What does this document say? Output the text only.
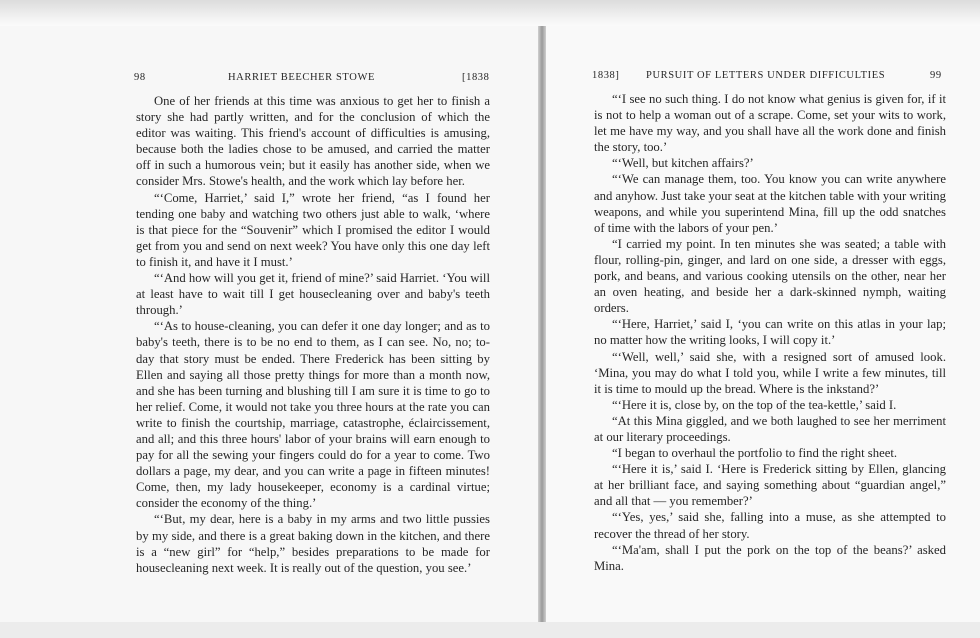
98	HARRIET BEECHER STOWE	[1838

One of her friends at this time was anxious to get her to finish a story she had partly written, and for the conclusion of which the editor was waiting. This friend's account of difficulties is amusing, because both the ladies chose to be amused, and carried the matter off in such a humorous vein; but it easily has another side, when we consider Mrs. Stowe's health, and the work which lay before her.

“‘Come, Harriet,’ said I,” wrote her friend, “as I found her tending one baby and watching two others just able to walk, ‘where is that piece for the “Souvenir” which I promised the editor I would get from you and send on next week? You have only this one day left to finish it, and have it I must.’

“‘And how will you get it, friend of mine?’ said Harriet. ‘You will at least have to wait till I get housecleaning over and baby's teeth through.’

“‘As to house-cleaning, you can defer it one day longer; and as to baby's teeth, there is to be no end to them, as I can see. No, no; to-day that story must be ended. There Frederick has been sitting by Ellen and saying all those pretty things for more than a month now, and she has been turning and blushing till I am sure it is time to go to her relief. Come, it would not take you three hours at the rate you can write to finish the courtship, marriage, catastrophe, éclaircissement, and all; and this three hours' labor of your brains will earn enough to pay for all the sewing your fingers could do for a year to come. Two dollars a page, my dear, and you can write a page in fifteen minutes! Come, then, my lady housekeeper, economy is a cardinal virtue; consider the economy of the thing.’

“‘But, my dear, here is a baby in my arms and two little pussies by my side, and there is a great baking down in the kitchen, and there is a “new girl” for “help,” besides preparations to be made for housecleaning next week. It is really out of the question, you see.’

1838]	PURSUIT OF LETTERS UNDER DIFFICULTIES	99

“‘I see no such thing. I do not know what genius is given for, if it is not to help a woman out of a scrape. Come, set your wits to work, let me have my way, and you shall have all the work done and finish the story, too.’

“‘Well, but kitchen affairs?’

“‘We can manage them, too. You know you can write anywhere and anyhow. Just take your seat at the kitchen table with your writing weapons, and while you superintend Mina, fill up the odd snatches of time with the labors of your pen.’

“I carried my point. In ten minutes she was seated; a table with flour, rolling-pin, ginger, and lard on one side, a dresser with eggs, pork, and beans, and various cooking utensils on the other, near her an oven heating, and beside her a dark-skinned nymph, waiting orders.

“‘Here, Harriet,’ said I, ‘you can write on this atlas in your lap; no matter how the writing looks, I will copy it.’

“‘Well, well,’ said she, with a resigned sort of amused look. ‘Mina, you may do what I told you, while I write a few minutes, till it is time to mould up the bread. Where is the inkstand?’

“‘Here it is, close by, on the top of the tea-kettle,’ said I.

“At this Mina giggled, and we both laughed to see her merriment at our literary proceedings.

“I began to overhaul the portfolio to find the right sheet.

“‘Here it is,’ said I. ‘Here is Frederick sitting by Ellen, glancing at her brilliant face, and saying something about “guardian angel,” and all that — you remember?’

“‘Yes, yes,’ said she, falling into a muse, as she attempted to recover the thread of her story.

“‘Ma'am, shall I put the pork on the top of the beans?’ asked Mina.
